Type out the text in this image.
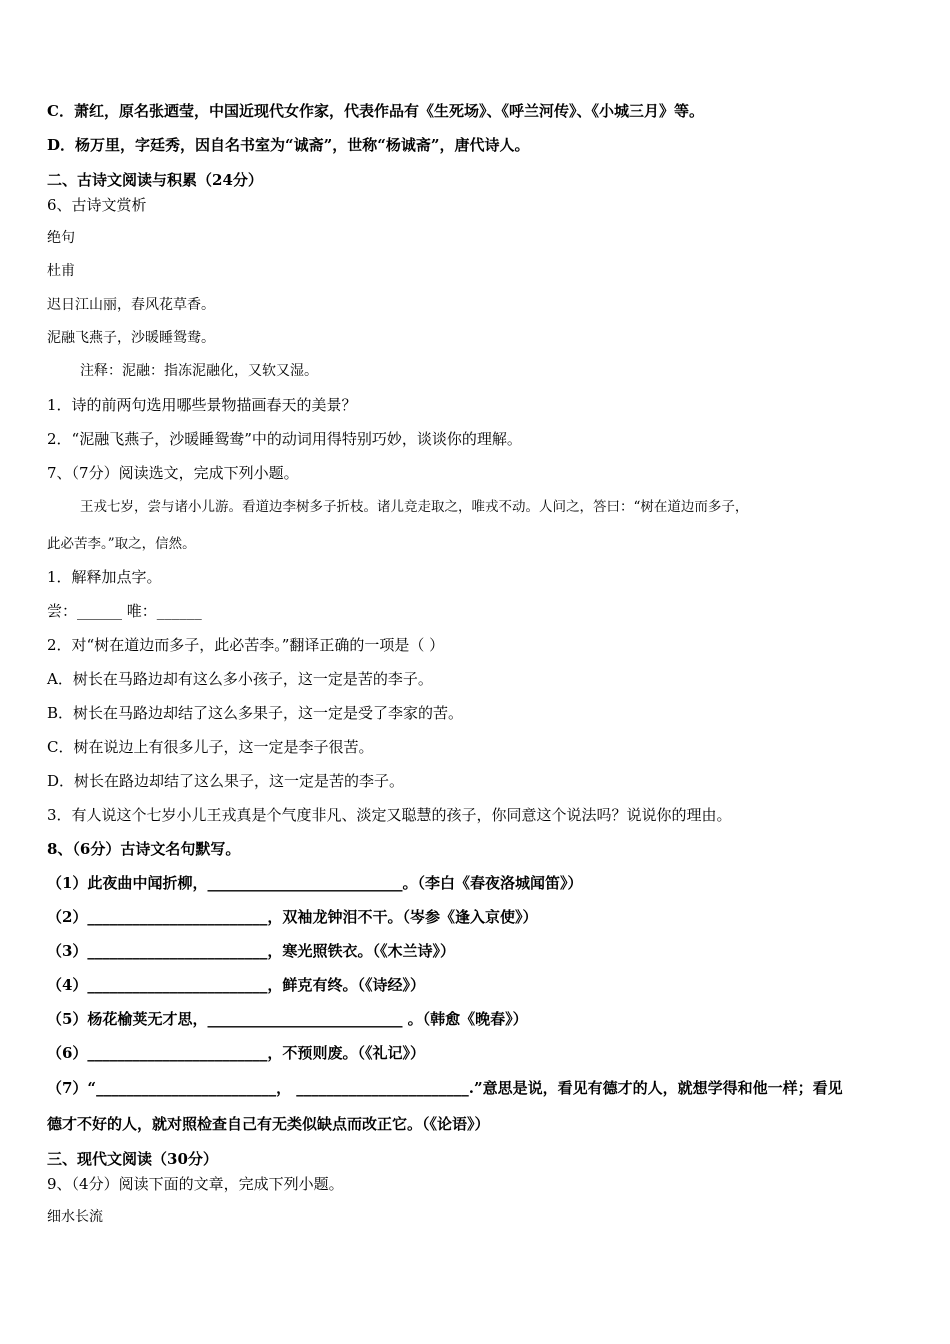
C．萧红，原名张迺莹，中国近现代女作家，代表作品有《生死场》、《呼兰河传》、《小城三月》等。
D．杨万里，字廷秀，因自名书室为“诚斋”，世称“杨诚斋”，唐代诗人。
二、古诗文阅读与积累（24分）
6、古诗文赏析
绝句
杜甫
迟日江山丽，春风花草香。
泥融飞燕子，沙暖睡鸳鸯。
注释：泥融：指冻泥融化，又软又湿。
1．诗的前两句选用哪些景物描画春天的美景？
2．“泥融飞燕子，沙暖睡鸳鸯”中的动词用得特别巧妙，谈谈你的理解。
7、（7分）阅读选文，完成下列小题。
王戎七岁，尝与诸小儿游。看道边李树多子折枝。诸儿竞走取之，唯戎不动。人问之，答曰：“树在道边而多子，
此必苦李。”取之，信然。
1．解释加点字。
尝：______ 唯：______
2．对“树在道边而多子，此必苦李。”翻译正确的一项是（ ）
A．树长在马路边却有这么多小孩子，这一定是苦的李子。
B．树长在马路边却结了这么多果子，这一定是受了李家的苦。
C．树在说边上有很多儿子，这一定是李子很苦。
D．树长在路边却结了这么果子，这一定是苦的李子。
3．有人说这个七岁小儿王戎真是个气度非凡、淡定又聪慧的孩子，你同意这个说法吗？说说你的理由。
8、（6分）古诗文名句默写。
（1）此夜曲中闻折柳，__________________________。（李白《春夜洛城闻笛》）
（2）________________________，双袖龙钟泪不干。（岑参《逢入京使》）
（3）________________________，寒光照铁衣。（《木兰诗》）
（4）________________________，鲜克有终。（《诗经》）
（5）杨花榆荚无才思，__________________________ 。（韩愈《晚春》）
（6）________________________，不预则废。（《礼记》）
（7）“________________________， _______________________.”意思是说，看见有德才的人，就想学得和他一样；看见
德才不好的人，就对照检查自己有无类似缺点而改正它。（《论语》）
三、现代文阅读（30分）
9、（4分）阅读下面的文章，完成下列小题。
细水长流
